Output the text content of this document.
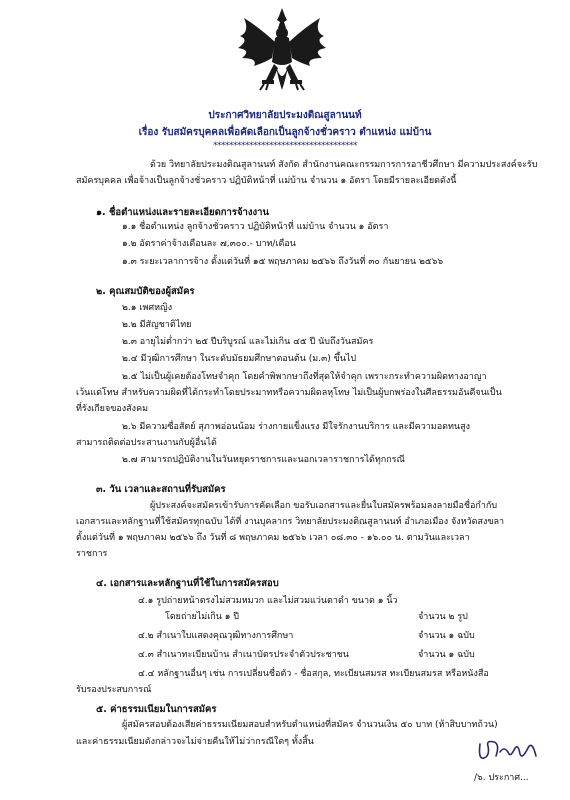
ประกาศวิทยาลัยประมงติณสูลานนท์
เรื่อง รับสมัครบุคคลเพื่อคัดเลือกเป็นลูกจ้างชั่วคราว ตำแหน่ง แม่บ้าน
************************************
ด้วย วิทยาลัยประมงติณสูลานนท์ สังกัด สำนักงานคณะกรรมการการอาชีวศึกษา มีความประสงค์จะรับ
สมัครบุคคล เพื่อจ้างเป็นลูกจ้างชั่วคราว ปฏิบัติหน้าที่ แม่บ้าน จำนวน ๑ อัตรา โดยมีรายละเอียดดังนี้
๑. ชื่อตำแหน่งและรายละเอียดการจ้างงาน
๑.๑ ชื่อตำแหน่ง ลูกจ้างชั่วคราว ปฏิบัติหน้าที่ แม่บ้าน จำนวน ๑ อัตรา
๑.๒ อัตราค่าจ้างเดือนละ ๗,๓๐๐.- บาท/เดือน
๑.๓ ระยะเวลาการจ้าง ตั้งแต่วันที่ ๑๕ พฤษภาคม ๒๕๖๖ ถึงวันที่ ๓๐ กันยายน ๒๕๖๖
๒. คุณสมบัติของผู้สมัคร
๒.๑ เพศหญิง
๒.๒ มีสัญชาติไทย
๒.๓ อายุไม่ต่ำกว่า ๒๕ ปีบริบูรณ์ และไม่เกิน ๔๕ ปี นับถึงวันสมัคร
๒.๔ มีวุฒิการศึกษา ในระดับมัธยมศึกษาตอนต้น (ม.๓) ขึ้นไป
๒.๕ ไม่เป็นผู้เคยต้องโทษจำคุก โดยคำพิพากษาถึงที่สุดให้จำคุก เพราะกระทำความผิดทางอาญา
เว้นแต่โทษ สำหรับความผิดที่ได้กระทำโดยประมาทหรือความผิดลหุโทษ ไม่เป็นผู้บกพร่องในศีลธรรมอันดีจนเป็น
ที่รังเกียจของสังคม
๒.๖ มีความซื่อสัตย์ สุภาพอ่อนน้อม ร่างกายแข็งแรง มีใจรักงานบริการ และมีความอดทนสูง
สามารถติดต่อประสานงานกับผู้อื่นได้
๒.๗ สามารถปฏิบัติงานในวันหยุดราชการและนอกเวลาราชการได้ทุกกรณี
๓. วัน เวลาและสถานที่รับสมัคร
ผู้ประสงค์จะสมัครเข้ารับการคัดเลือก ขอรับเอกสารและยื่นใบสมัครพร้อมลงลายมือชื่อกำกับ
เอกสารและหลักฐานที่ใช้สมัครทุกฉบับ ได้ที่ งานบุคลากร วิทยาลัยประมงติณสูลานนท์ อำเภอเมือง จังหวัดสงขลา
ตั้งแต่วันที่ ๑ พฤษภาคม ๒๕๖๖ ถึง วันที่ ๘ พฤษภาคม ๒๕๖๖ เวลา ๐๘.๓๐ - ๑๖.๐๐ น. ตามวันและเวลา
ราชการ
๔. เอกสารและหลักฐานที่ใช้ในการสมัครสอบ
๔.๑ รูปถ่ายหน้าตรงไม่สวมหมวก และไม่สวมแว่นตาดำ ขนาด ๑ นิ้ว
โดยถ่ายไม่เกิน ๑ ปี	จำนวน ๒ รูป
๔.๒ สำเนาใบแสดงคุณวุฒิทางการศึกษา	จำนวน ๑ ฉบับ
๔.๓ สำเนาทะเบียนบ้าน สำเนาบัตรประจำตัวประชาชน	จำนวน ๑ ฉบับ
๔.๔ หลักฐานอื่นๆ เช่น การเปลี่ยนชื่อตัว - ชื่อสกุล, ทะเบียนสมรส ทะเบียนสมรส หรือหนังสือ
รับรองประสบการณ์
๕. ค่าธรรมเนียมในการสมัคร
ผู้สมัครสอบต้องเสียค่าธรรมเนียมสอบสำหรับตำแหน่งที่สมัคร จำนวนเงิน ๕๐ บาท (ห้าสิบบาทถ้วน)
และค่าธรรมเนียมดังกล่าวจะไม่จ่ายคืนให้ไม่ว่ากรณีใดๆ ทั้งสิ้น
/๖. ประกาศ...
